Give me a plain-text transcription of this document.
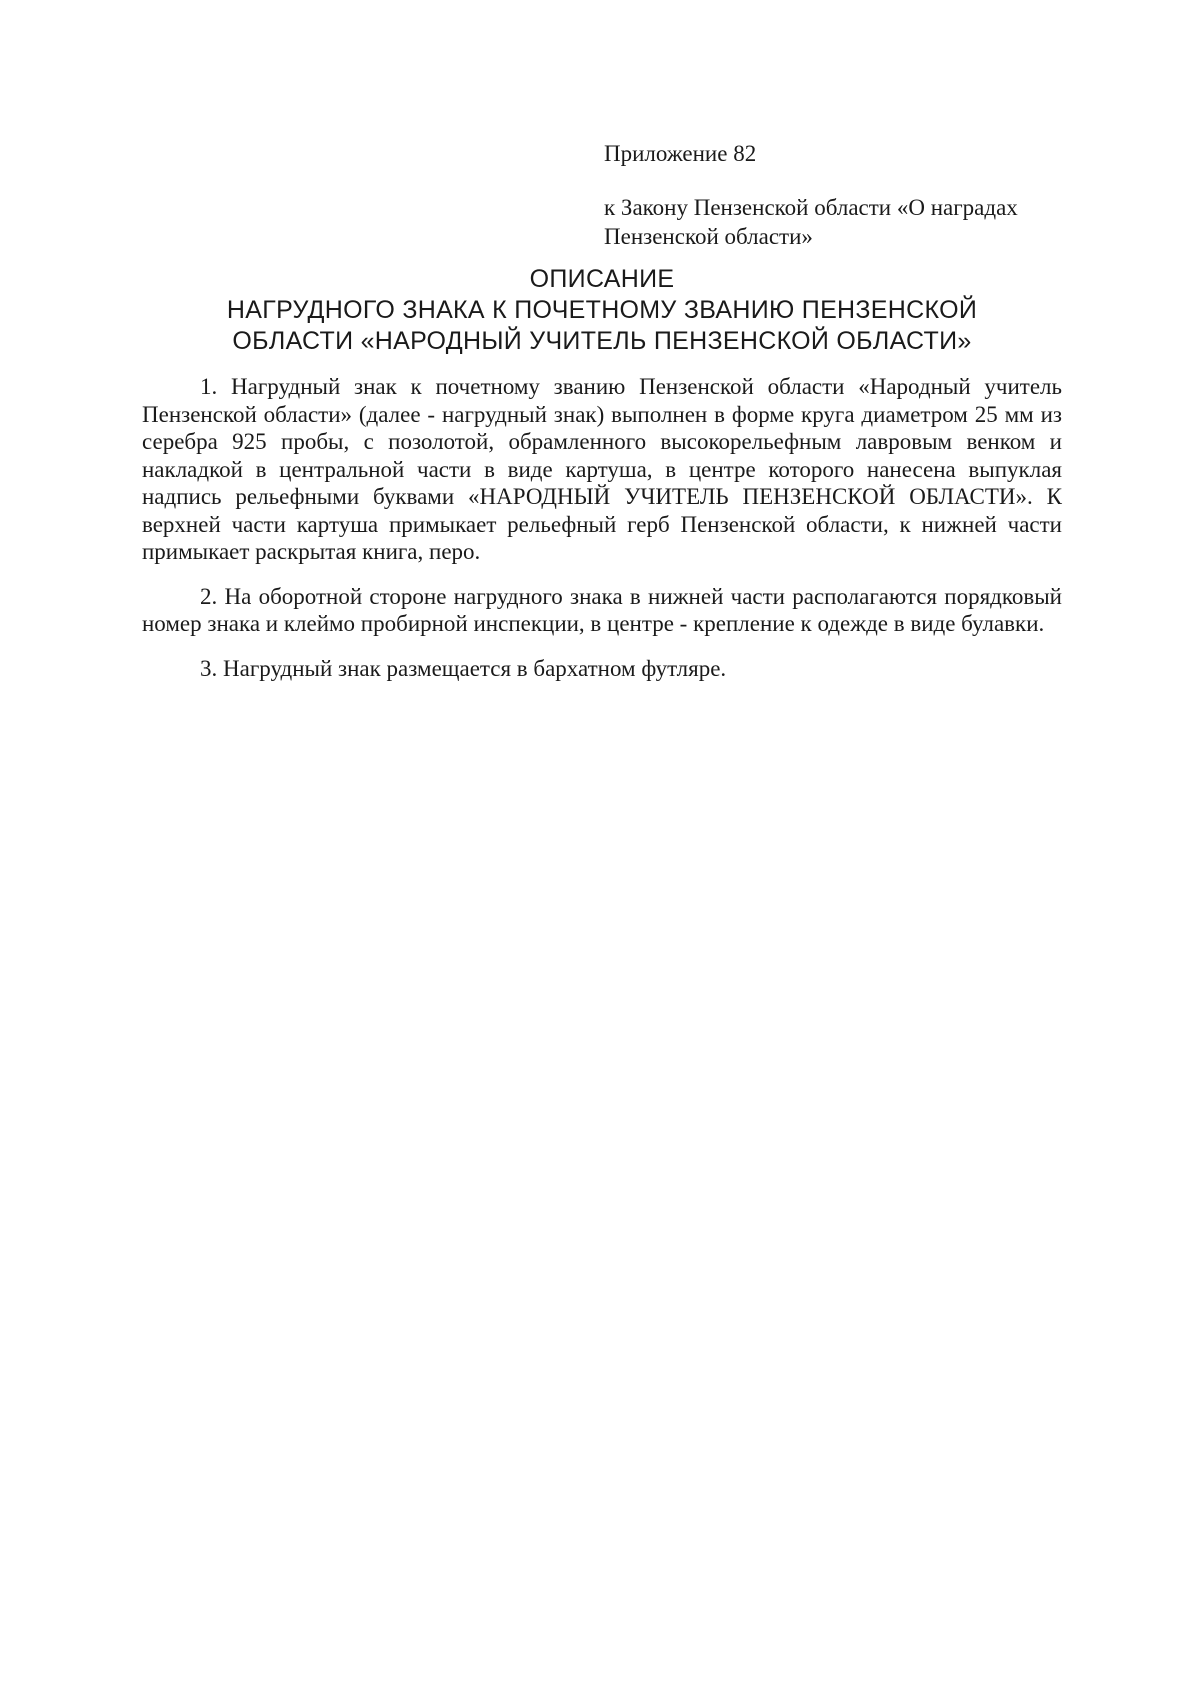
Приложение 82

к Закону Пензенской области «О наградах Пензенской области»

ОПИСАНИЕ
НАГРУДНОГО ЗНАКА К ПОЧЕТНОМУ ЗВАНИЮ ПЕНЗЕНСКОЙ
ОБЛАСТИ «НАРОДНЫЙ УЧИТЕЛЬ ПЕНЗЕНСКОЙ ОБЛАСТИ»

1. Нагрудный знак к почетному званию Пензенской области «Народный учитель Пензенской области» (далее - нагрудный знак) выполнен в форме круга диаметром 25 мм из серебра 925 пробы, с позолотой, обрамленного высокорельефным лавровым венком и накладкой в центральной части в виде картуша, в центре которого нанесена выпуклая надпись рельефными буквами «НАРОДНЫЙ УЧИТЕЛЬ ПЕНЗЕНСКОЙ ОБЛАСТИ». К верхней части картуша примыкает рельефный герб Пензенской области, к нижней части примыкает раскрытая книга, перо.

2. На оборотной стороне нагрудного знака в нижней части располагаются порядковый номер знака и клеймо пробирной инспекции, в центре - крепление к одежде в виде булавки.

3. Нагрудный знак размещается в бархатном футляре.
